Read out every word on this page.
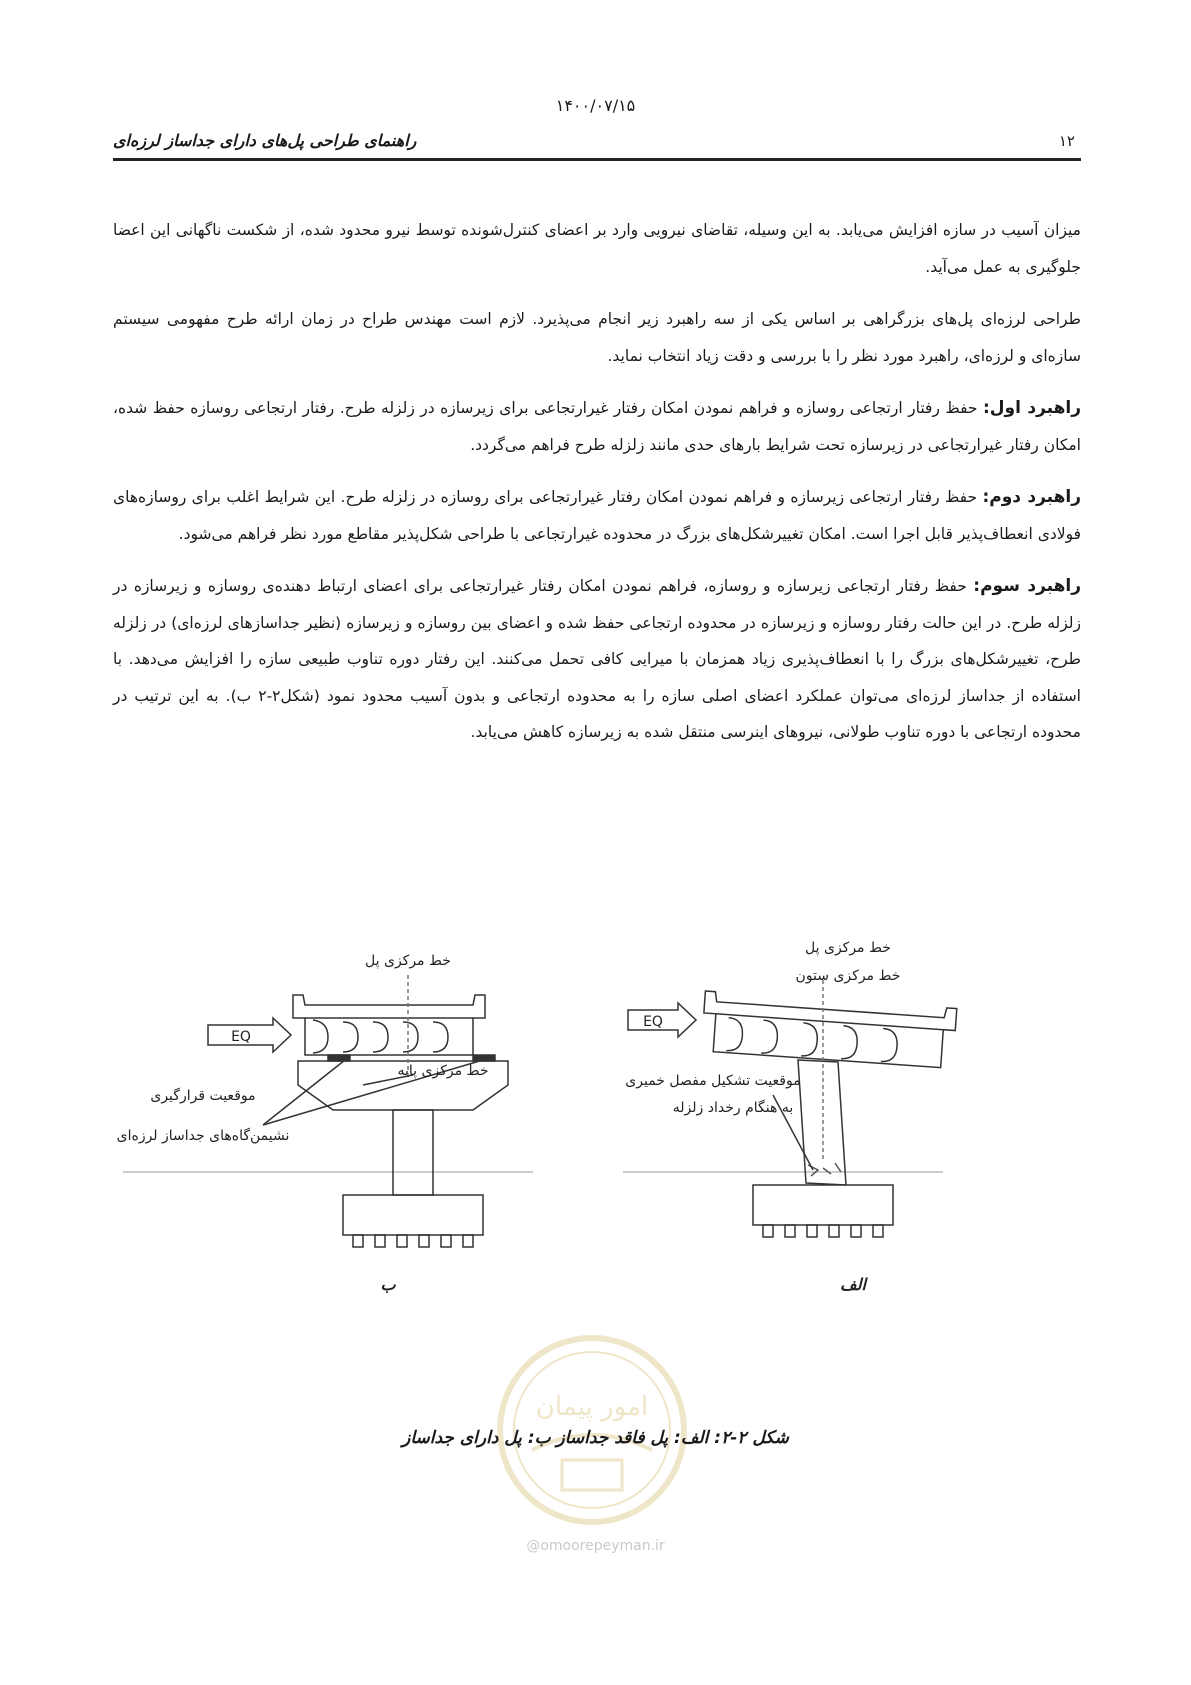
۱۴۰۰/۰۷/۱۵
۱۲
راهنمای طراحی پل‌های دارای جداساز لرزه‌ای

میزان آسیب در سازه افزایش می‌یابد. به این وسیله، تقاضای نیرویی وارد بر اعضای کنترل‌شونده توسط نیرو محدود شده، از شکست ناگهانی این اعضا جلوگیری به عمل می‌آید.

طراحی لرزه‌ای پل‌های بزرگراهی بر اساس یکی از سه راهبرد زیر انجام می‌پذیرد. لازم است مهندس طراح در زمان ارائه طرح مفهومی سیستم سازه‌ای و لرزه‌ای، راهبرد مورد نظر را با بررسی و دقت زیاد انتخاب نماید.

راهبرد اول: حفظ رفتار ارتجاعی روسازه و فراهم نمودن امکان رفتار غیرارتجاعی برای زیرسازه در زلزله طرح. رفتار ارتجاعی روسازه حفظ شده، امکان رفتار غیرارتجاعی در زیرسازه تحت شرایط بارهای حدی مانند زلزله طرح فراهم می‌گردد.

راهبرد دوم: حفظ رفتار ارتجاعی زیرسازه و فراهم نمودن امکان رفتار غیرارتجاعی برای روسازه در زلزله طرح. این شرایط اغلب برای روسازه‌های فولادی انعطاف‌پذیر قابل اجرا است. امکان تغییرشکل‌های بزرگ در محدوده غیرارتجاعی با طراحی شکل‌پذیر مقاطع مورد نظر فراهم می‌شود.

راهبرد سوم: حفظ رفتار ارتجاعی زیرسازه و روسازه، فراهم نمودن امکان رفتار غیرارتجاعی برای اعضای ارتباط دهنده‌ی روسازه و زیرسازه در زلزله طرح. در این حالت رفتار روسازه و زیرسازه در محدوده ارتجاعی حفظ شده و اعضای بین روسازه و زیرسازه (نظیر جداسازهای لرزه‌ای) در زلزله طرح، تغییرشکل‌های بزرگ را با انعطاف‌پذیری زیاد همزمان با میرایی کافی تحمل می‌کنند. این رفتار دوره تناوب طبیعی سازه را افزایش می‌دهد. با استفاده از جداساز لرزه‌ای می‌توان عملکرد اعضای اصلی سازه را به محدوده ارتجاعی و بدون آسیب محدود نمود (شکل۲-۲ ب). به این ترتیب در محدوده ارتجاعی با دوره تناوب طولانی، نیروهای اینرسی منتقل شده به زیرسازه کاهش می‌یابد.

امور پیمان
خط مرکزی پل
EQ
خط مرکزی پایه
موقعیت قرارگیری
نشیمن‌گاه‌های جداساز لرزه‌ای
ب
خط مرکزی پل
خط مرکزی ستون
EQ
موقعیت تشکیل مفصل خمیری
به هنگام رخداد زلزله
الف
شکل ۲-۲: الف: پل فاقد جداساز ب: پل دارای جداساز
@omoorepeyman.ir
